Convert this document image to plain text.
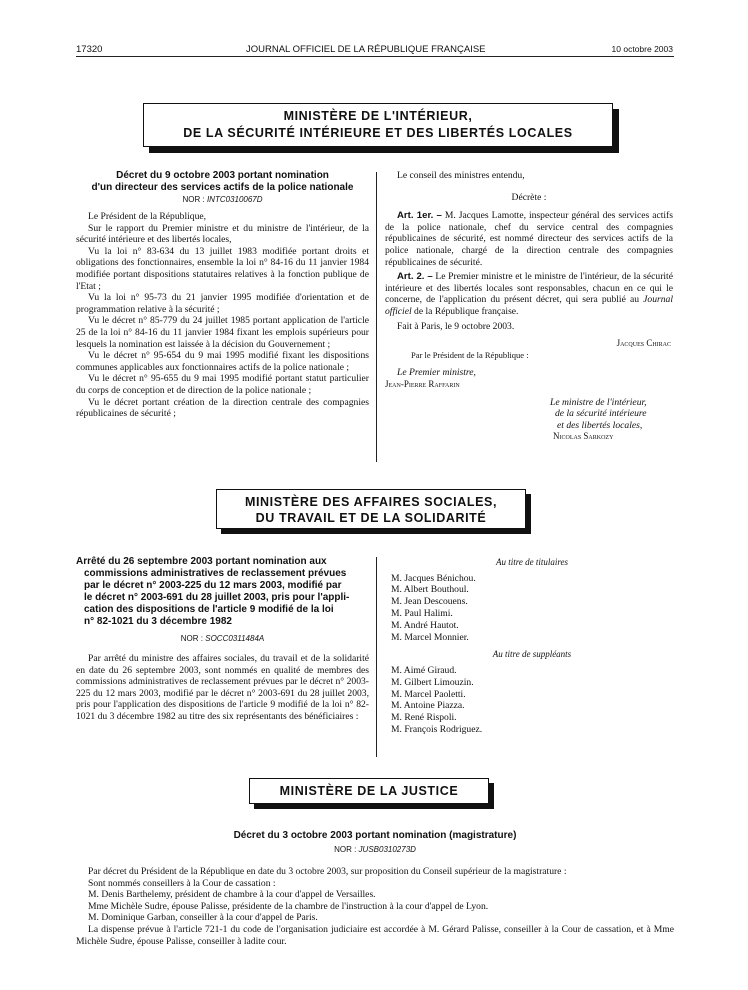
17320	JOURNAL OFFICIEL DE LA RÉPUBLIQUE FRANÇAISE	10 octobre 2003
MINISTÈRE DE L'INTÉRIEUR,
DE LA SÉCURITÉ INTÉRIEURE ET DES LIBERTÉS LOCALES
Décret du 9 octobre 2003 portant nomination
d'un directeur des services actifs de la police nationale
NOR : INTC0310067D

Le Président de la République,

Sur le rapport du Premier ministre et du ministre de l'intérieur, de la sécurité intérieure et des libertés locales,

Vu la loi n° 83-634 du 13 juillet 1983 modifiée portant droits et obligations des fonctionnaires, ensemble la loi n° 84-16 du 11 janvier 1984 modifiée portant dispositions statutaires relatives à la fonction publique de l'Etat ;

Vu la loi n° 95-73 du 21 janvier 1995 modifiée d'orientation et de programmation relative à la sécurité ;

Vu le décret n° 85-779 du 24 juillet 1985 portant application de l'article 25 de la loi n° 84-16 du 11 janvier 1984 fixant les emplois supérieurs pour lesquels la nomination est laissée à la décision du Gouvernement ;

Vu le décret n° 95-654 du 9 mai 1995 modifié fixant les dispositions communes applicables aux fonctionnaires actifs de la police nationale ;

Vu le décret n° 95-655 du 9 mai 1995 modifié portant statut particulier du corps de conception et de direction de la police nationale ;

Vu le décret portant création de la direction centrale des compagnies républicaines de sécurité ;

Le conseil des ministres entendu,

Décrète :

Art. 1er. – M. Jacques Lamotte, inspecteur général des services actifs de la police nationale, chef du service central des compagnies républicaines de sécurité, est nommé directeur des services actifs de la police nationale, chargé de la direction centrale des compagnies républicaines de sécurité.

Art. 2. – Le Premier ministre et le ministre de l'intérieur, de la sécurité intérieure et des libertés locales sont responsables, chacun en ce qui le concerne, de l'application du présent décret, qui sera publié au Journal officiel de la République française.

Fait à Paris, le 9 octobre 2003.

Jacques Chirac
Par le Président de la République :
Le Premier ministre,
Jean-Pierre Raffarin
Le ministre de l'intérieur,
de la sécurité intérieure
et des libertés locales,
Nicolas Sarkozy
MINISTÈRE DES AFFAIRES SOCIALES,
DU TRAVAIL ET DE LA SOLIDARITÉ
Arrêté du 26 septembre 2003 portant nomination aux
commissions administratives de reclassement prévues
par le décret n° 2003-225 du 12 mars 2003, modifié par
le décret n° 2003-691 du 28 juillet 2003, pris pour l'appli-
cation des dispositions de l'article 9 modifié de la loi
n° 82-1021 du 3 décembre 1982
NOR : SOCC0311484A

Par arrêté du ministre des affaires sociales, du travail et de la solidarité en date du 26 septembre 2003, sont nommés en qualité de membres des commissions administratives de reclassement prévues par le décret n° 2003-225 du 12 mars 2003, modifié par le décret n° 2003-691 du 28 juillet 2003, pris pour l'application des dispositions de l'article 9 modifié de la loi n° 82-1021 du 3 décembre 1982 au titre des six représentants des bénéficiaires :

Au titre de titulaires
M. Jacques Bénichou.
M. Albert Bouthoul.
M. Jean Descouens.
M. Paul Halimi.
M. André Hautot.
M. Marcel Monnier.
Au titre de suppléants
M. Aimé Giraud.
M. Gilbert Limouzin.
M. Marcel Paoletti.
M. Antoine Piazza.
M. René Rispoli.
M. François Rodriguez.
MINISTÈRE DE LA JUSTICE
Décret du 3 octobre 2003 portant nomination (magistrature)
NOR : JUSB0310273D

Par décret du Président de la République en date du 3 octobre 2003, sur proposition du Conseil supérieur de la magistrature :

Sont nommés conseillers à la Cour de cassation :

M. Denis Barthelemy, président de chambre à la cour d'appel de Versailles.

Mme Michèle Sudre, épouse Palisse, présidente de la chambre de l'instruction à la cour d'appel de Lyon.

M. Dominique Garban, conseiller à la cour d'appel de Paris.

La dispense prévue à l'article 721-1 du code de l'organisation judiciaire est accordée à M. Gérard Palisse, conseiller à la Cour de cassation, et à Mme Michèle Sudre, épouse Palisse, conseiller à ladite cour.
